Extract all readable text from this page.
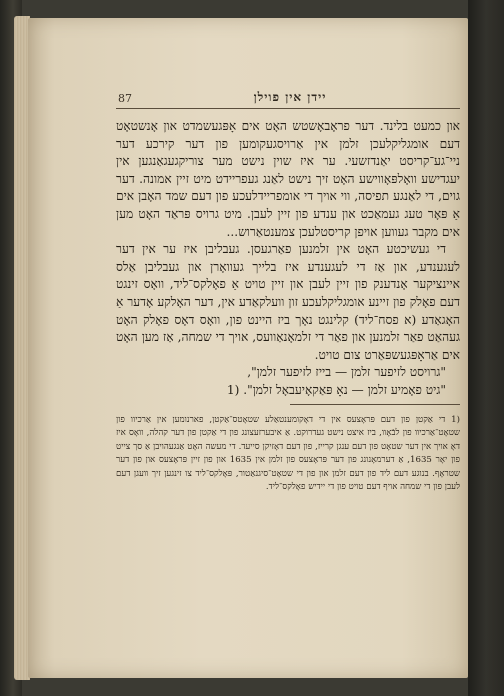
87	יידן אין פוילן

און כמעט בלינד. דער פראָבאָשטש האָט אים אָפּגעשמדט און אָנשטאָט דעם אומגליקלעכן זלמן אין אַרויסגעקומען פון דער קירכע דער ניי־גע־קריסט יאַנדזשעי. ער איז שוין נישט מער צוריקגעגאַנגען אין יעגדישע וואָלפּאָווישע האָט זיך נישט לאַנג געפריידט מיט זיין אמונה. דער גוים, די לאַנגע תפיסה, ווי אויך די אומפריידלעכע פון דעם שמד האָבן אים אַ פּאָר טעג געמאַכט און ענדע פון זיין לעבן. מיט גרויס פּראַד האָט מען אים מקבר געווען אויפן קריסטלעכן צמענטאַרוש...

די געשיכטע האָט אין זלמנען פאַרגעסן. געבליבן איז ער אין דער לעגענדע, און אַז די לעגענדע איז בלייך געוואָרן און געבליבן אַלס איינציקער אָנדענק פון זיין לעבן און זיין טויט אַ פאָלקס־ליד, וואָס זינגט דעם פאָלק פון זיינע אומגליקלעכע זון וועלקאַדע אין, דער האָלקע אָדער אַ האָגאַדע (א פסח־ליד) קלינגט נאָך ביז היינט פון, וואָס דאָס פאָלק האָט געהאַט פאַר זלמנען און פאַר די זלמאָנאַוועס, אויך די שמחה, אַז מען האָט אים אַראָפּגעשפּאַרט צום טויט.

"גרויסט לזיפער זלמן — בייז לזיפער זלמן",

"גיט פאָמיע זלמן — נאָ פּאַקאָיעבאָל זלמן". (1

(1 די אַקטן פון דעם פּראָצעס אין די דאָקומענטאַלע שטאָטס־אַקטן, פארנומען אין אַרכיוו פון שטאָט־אַרכיוו פון לבֿאָוו, ביז איצט נישט געדרוקט. אַ איבערזעצונג פון די אַקטן פון דער קהלה, וואָס איז דאָ אויך אין דער שטאָט פון דעם ענגן קרייז, פון דעם דאָזיקן סייעד. די מעשה האָט אַנגעהויבן אַ סך צייט פון יאָר 1635, אַ דערמאָנונג פון דער פּראָצעס פון זלמן אין 1635 און פון זיין פּראָצעס און פון דער שטראָף. בנוגע דעם ליד פון דעם זלמן און פון די שטאָט־סיגנאַטור, פּאָלקס־ליד צו זינגען זיך וועגן דעם לעבן פון די שמחה אויף דעם טויט פון די יידיש פאָלקס־ליד.
